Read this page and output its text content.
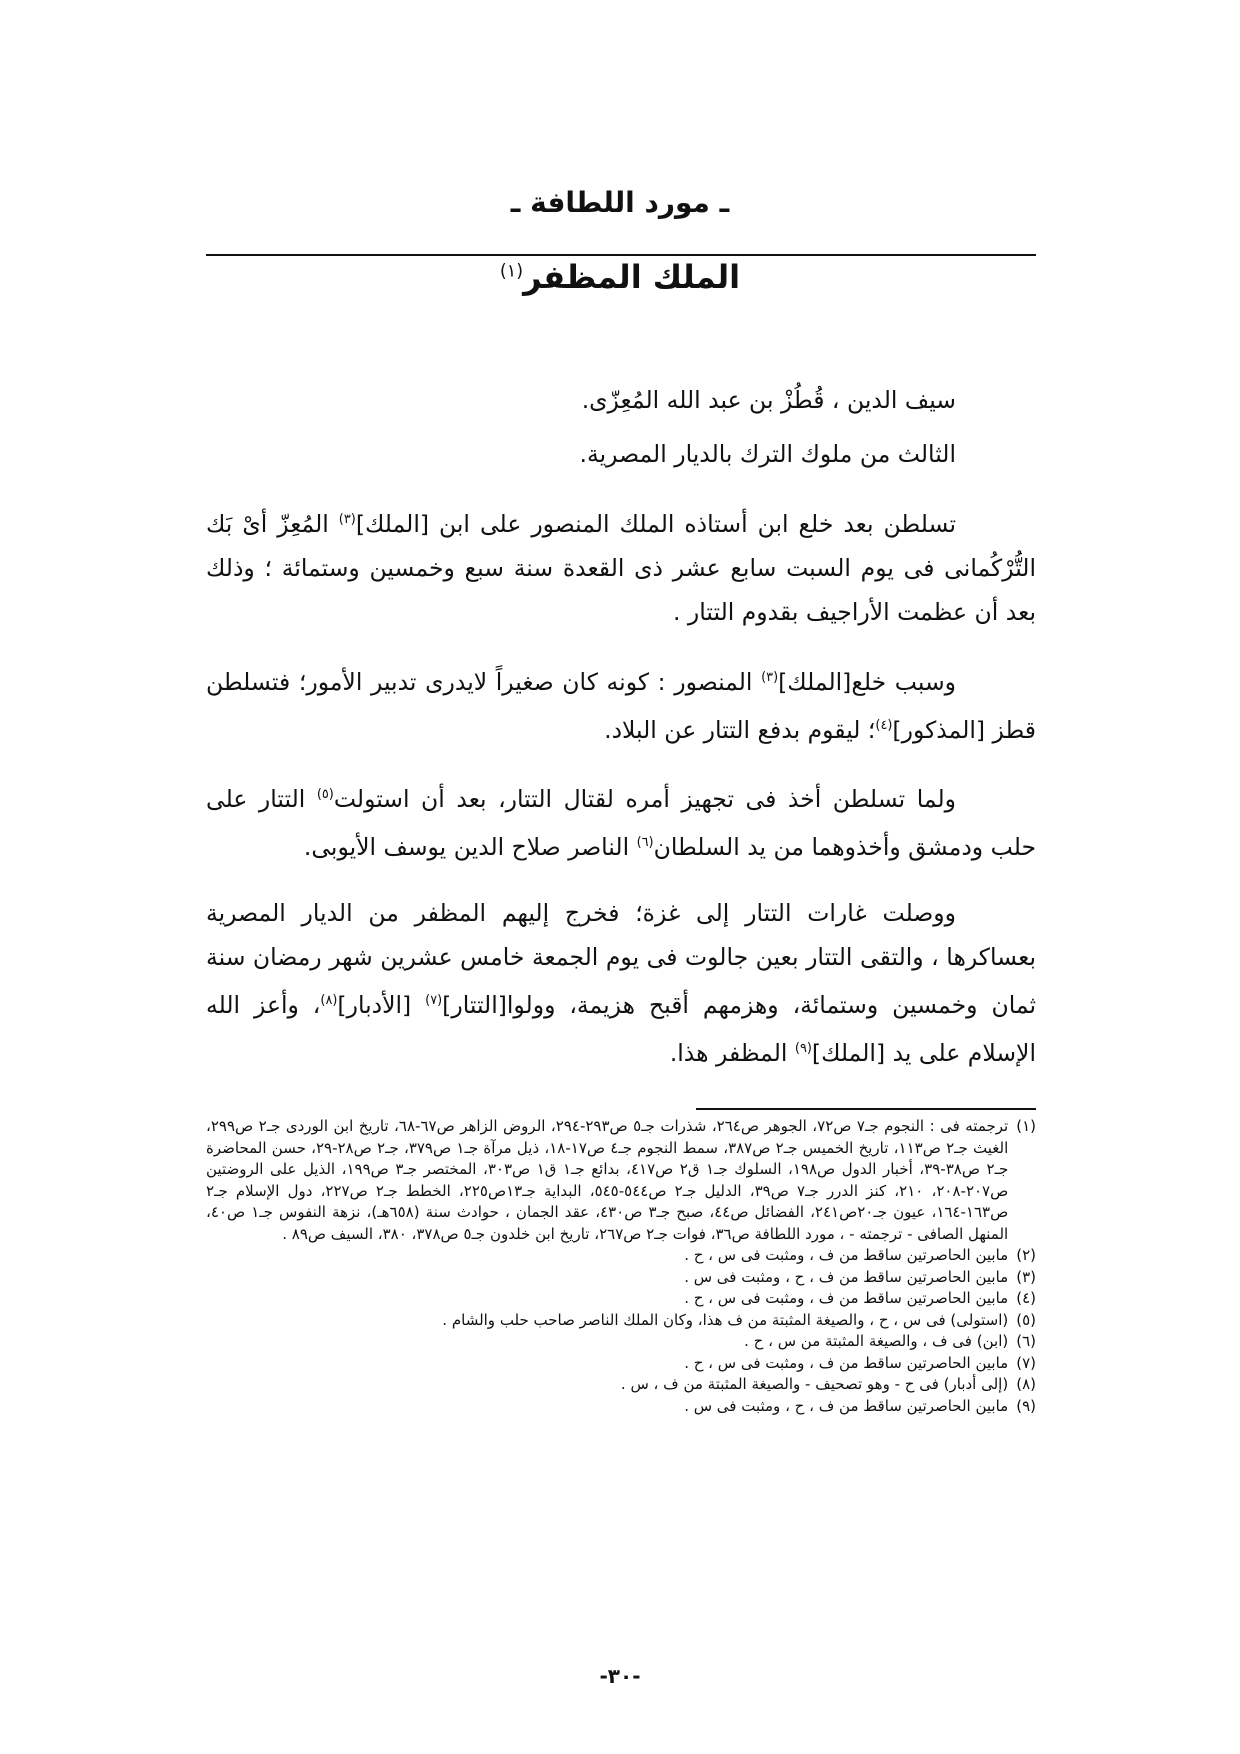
ـ مورد اللطافة ـ
الملك المظفر$^{(١)}$

سيف الدين ، قُطُزْ بن عبد الله المُعِزّى.

الثالث من ملوك الترك بالديار المصرية.

تسلطن بعد خلع ابن أستاذه الملك المنصور على ابن [الملك]$^{(٣)}$ المُعِزّ أىْ بَك التُّرْكُمانى فى يوم السبت سابع عشر ذى القعدة سنة سبع وخمسين وستمائة ؛ وذلك بعد أن عظمت الأراجيف بقدوم التتار .

وسبب خلع[الملك]$^{(٣)}$ المنصور : كونه كان صغيراً لايدرى تدبير الأمور؛ فتسلطن قطز [المذكور]$^{(٤)}$؛ ليقوم بدفع التتار عن البلاد.

ولما تسلطن أخذ فى تجهيز أمره لقتال التتار، بعد أن استولت$^{(٥)}$ التتار على حلب ودمشق وأخذوهما من يد السلطان$^{(٦)}$ الناصر صلاح الدين يوسف الأيوبى.

ووصلت غارات التتار إلى غزة؛ فخرج إليهم المظفر من الديار المصرية بعساكرها ، والتقى التتار بعين جالوت فى يوم الجمعة خامس عشرين شهر رمضان سنة ثمان وخمسين وستمائة، وهزمهم أقبح هزيمة، وولوا[التتار]$^{(٧)}$ [الأدبار]$^{(٨)}$، وأعز الله الإسلام على يد [الملك]$^{(٩)}$ المظفر هذا.

(١)
ترجمته فى : النجوم جـ٧ ص٧٢، الجوهر ص٢٦٤، شذرات جـ٥ ص٢٩٣-٢٩٤، الروض الزاهر ص٦٧-٦٨، تاريخ ابن الوردى جـ٢ ص٢٩٩، الغيث جـ٢ ص١١٣، تاريخ الخميس جـ٢ ص٣٨٧، سمط النجوم جـ٤ ص١٧-١٨، ذيل مرآة جـ١ ص٣٧٩، جـ٢ ص٢٨-٢٩، حسن المحاضرة جـ٢ ص٣٨-٣٩، أخبار الدول ص١٩٨، السلوك جـ١ ق٢ ص٤١٧، بدائع جـ١ ق١ ص٣٠٣، المختصر جـ٣ ص١٩٩، الذيل على الروضتين ص٢٠٧-٢٠٨، ٢١٠، كنز الدرر جـ٧ ص٣٩، الدليل جـ٢ ص٥٤٤-٥٤٥، البداية جـ١٣ص٢٢٥، الخطط جـ٢ ص٢٢٧، دول الإسلام جـ٢ ص١٦٣-١٦٤، عيون جـ٢٠ص٢٤١، الفضائل ص٤٤، صبح جـ٣ ص٤٣٠، عقد الجمان ، حوادث سنة (٦٥٨هـ)، نزهة النفوس جـ١ ص٤٠، المنهل الصافى - ترجمته - ، مورد اللطافة ص٣٦، فوات جـ٢ ص٢٦٧، تاريخ ابن خلدون جـ٥ ص٣٧٨، ٣٨٠، السيف ص٨٩ .
(٢)
مابين الحاصرتين ساقط من ف ، ومثبت فى س ، ح .
(٣)
مابين الحاصرتين ساقط من ف ، ح ، ومثبت فى س .
(٤)
مابين الحاصرتين ساقط من ف ، ومثبت فى س ، ح .
(٥)
(استولى) فى س ، ح ، والصيغة المثبتة من ف هذا، وكان الملك الناصر صاحب حلب والشام .
(٦)
(ابن) فى ف ، والصيغة المثبتة من س ، ح .
(٧)
مابين الحاصرتين ساقط من ف ، ومثبت فى س ، ح .
(٨)
(إلى أدبار) فى ح - وهو تصحيف - والصيغة المثبتة من ف ، س .
(٩)
مابين الحاصرتين ساقط من ف ، ح ، ومثبت فى س .
-٣٠-
